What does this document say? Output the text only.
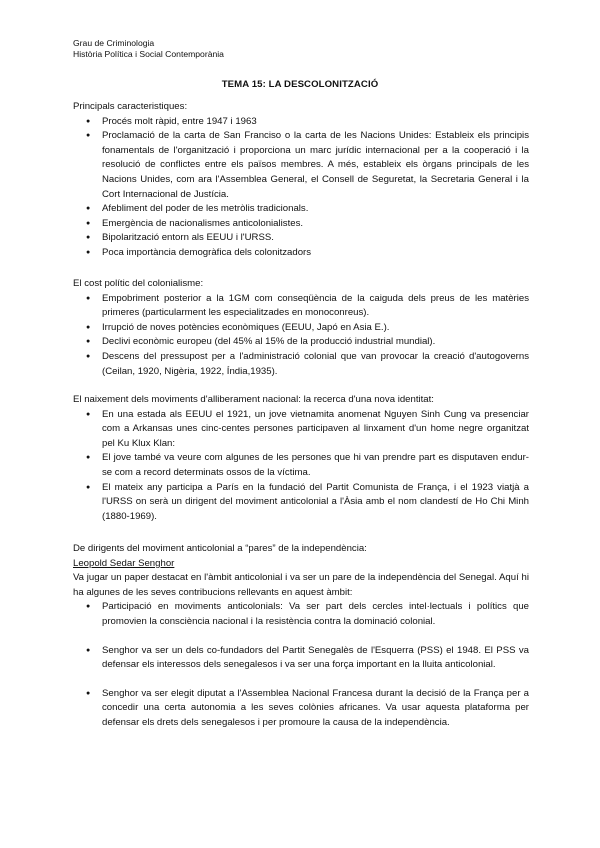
Grau de Criminologia
Història Política i Social Contemporània
TEMA 15: LA DESCOLONITZACIÓ

Principals caracteristiques:

● Procés molt ràpid, entre 1947 i 1963
● Proclamació de la carta de San Franciso o la carta de les Nacions Unides: Estableix els principis fonamentals de l'organització i proporciona un marc jurídic internacional per a la cooperació i la resolució de conflictes entre els països membres. A més, estableix els òrgans principals de les Nacions Unides, com ara l'Assemblea General, el Consell de Seguretat, la Secretaria General i la Cort Internacional de Justícia.
● Afebliment del poder de les metròlis tradicionals.
● Emergència de nacionalismes anticolonialistes.
● Bipolarització entorn als EEUU i l'URSS.
● Poca importància demogràfica dels colonitzadors

El cost polític del colonialisme:

● Empobriment posterior a la 1GM com conseqüència de la caiguda dels preus de les matèries primeres (particularment les especialitzades en monoconreus).
● Irrupció de noves potències econòmiques (EEUU, Japó en Asia E.).
● Declivi econòmic europeu (del 45% al 15% de la producció industrial mundial).
● Descens del pressupost per a l'administració colonial que van provocar la creació d'autogoverns (Ceilan, 1920, Nigèria, 1922, Índia,1935).

El naixement dels moviments d'alliberament nacional: la recerca d'una nova identitat:

● En una estada als EEUU el 1921, un jove vietnamita anomenat Nguyen Sinh Cung va presenciar com a Arkansas unes cinc-centes persones participaven al linxament d'un home negre organitzat pel Ku Klux Klan:
● El jove també va veure com algunes de les persones que hi van prendre part es disputaven endur-se com a record determinats ossos de la víctima.
● El mateix any participa a París en la fundació del Partit Comunista de França, i el 1923 viatjà a l'URSS on serà un dirigent del moviment anticolonial a l'Àsia amb el nom clandestí de Ho Chi Minh (1880-1969).

De dirigents del moviment anticolonial a “pares” de la independència:

Leopold Sedar Senghor

Va jugar un paper destacat en l'àmbit anticolonial i va ser un pare de la independència del Senegal. Aquí hi ha algunes de les seves contribucions rellevants en aquest àmbit:

● Participació en moviments anticolonials: Va ser part dels cercles intel·lectuals i polítics que promovien la consciència nacional i la resistència contra la dominació colonial.
● Senghor va ser un dels co-fundadors del Partit Senegalès de l'Esquerra (PSS) el 1948. El PSS va defensar els interessos dels senegalesos i va ser una força important en la lluita anticolonial.
● Senghor va ser elegit diputat a l'Assemblea Nacional Francesa durant la decisió de la França per a concedir una certa autonomia a les seves colònies africanes. Va usar aquesta plataforma per defensar els drets dels senegalesos i per promoure la causa de la independència.
